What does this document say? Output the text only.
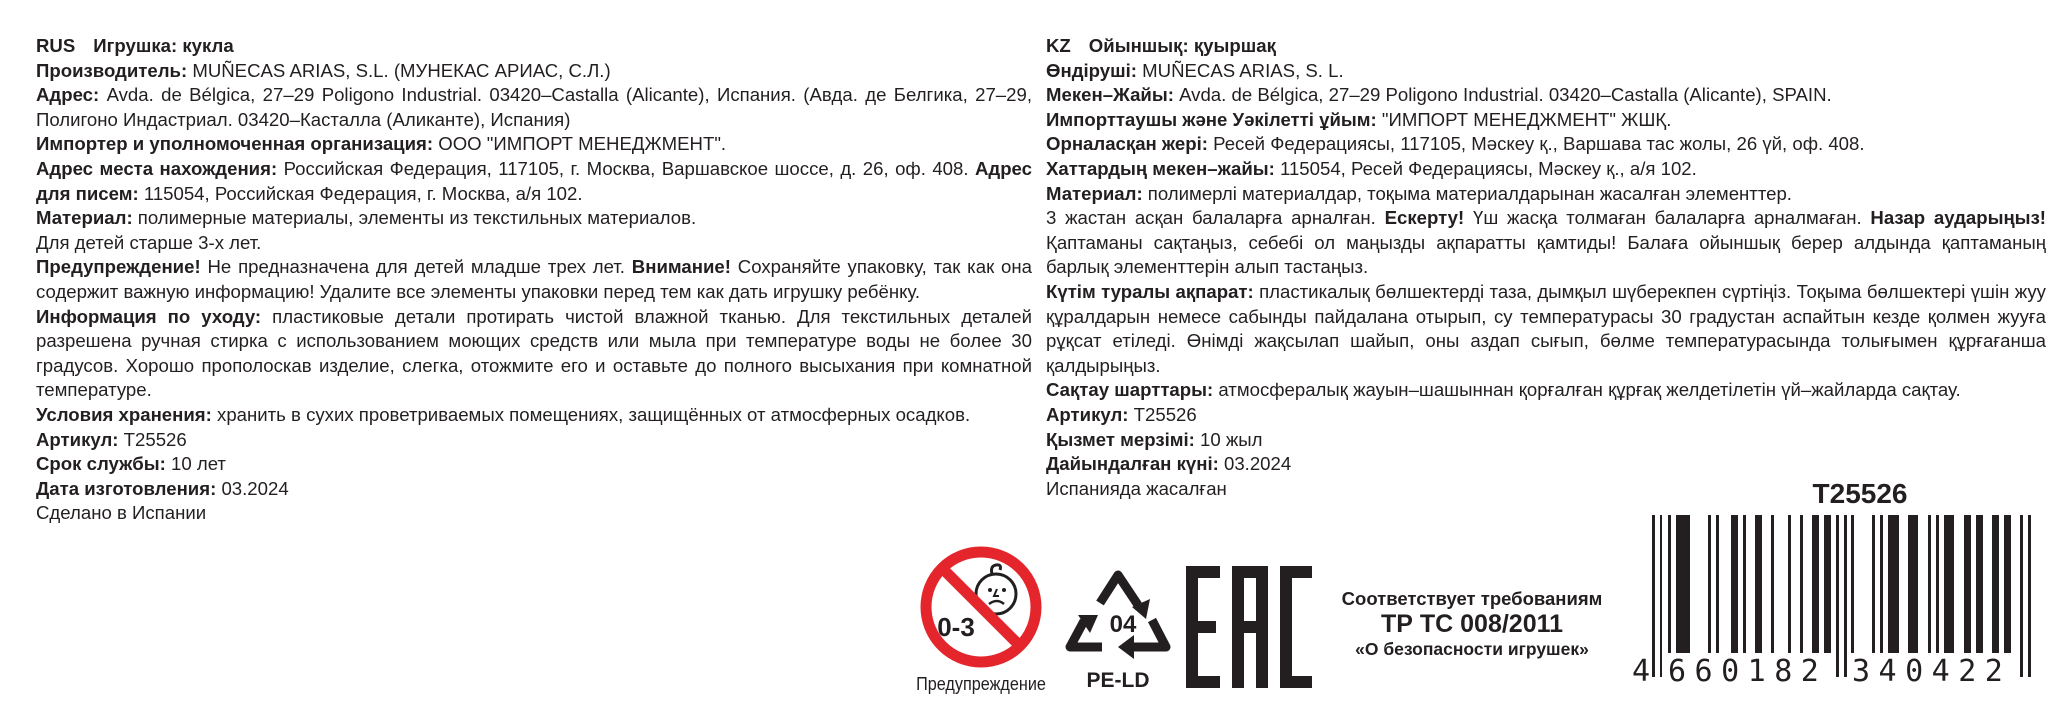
RUS Игрушка: кукла

Производитель: MUÑECAS ARIAS, S.L. (МУНЕКАС АРИАС, С.Л.)

Адрес: Avda. de Bélgica, 27–29 Poligono Industrial. 03420–Castalla (Alicante), Испания. (Авда. де Белгика, 27–29, Полигоно Индастриал. 03420–Касталла (Аликанте), Испания)

Импортер и уполномоченная организация: ООО "ИМПОРТ МЕНЕДЖМЕНТ".

Адрес места нахождения: Российская Федерация, 117105, г. Москва, Варшавское шоссе, д. 26, оф. 408. Адрес для писем: 115054, Российская Федерация, г. Москва, а/я 102.

Материал: полимерные материалы, элементы из текстильных материалов.

Для детей старше 3-х лет.

Предупреждение! Не предназначена для детей младше трех лет. Внимание! Сохраняйте упаковку, так как она содержит важную информацию! Удалите все элементы упаковки перед тем как дать игрушку ребёнку.

Информация по уходу: пластиковые детали протирать чистой влажной тканью. Для текстильных деталей разрешена ручная стирка с использованием моющих средств или мыла при температуре воды не более 30 градусов. Хорошо прополоскав изделие, слегка, отожмите его и оставьте до полного высыхания при комнатной температуре.

Условия хранения: хранить в сухих проветриваемых помещениях, защищённых от атмосферных осадков.

Артикул: T25526

Срок службы: 10 лет

Дата изготовления: 03.2024

Сделано в Испании

KZ Ойыншық: қуыршақ

Өндіруші: MUÑECAS ARIAS, S. L.

Мекен–Жайы: Avda. de Bélgica, 27–29 Poligono Industrial. 03420–Castalla (Alicante), SPAIN.

Импорттаушы және Уәкілетті ұйым: "ИМПОРТ МЕНЕДЖМЕНТ" ЖШҚ.

Орналасқан жері: Ресей Федерациясы, 117105, Мәскеу қ., Варшава тас жолы, 26 үй, оф. 408.

Хаттардың мекен–жайы: 115054, Ресей Федерациясы, Мәскеу қ., а/я 102.

Материал: полимерлі материалдар, тоқыма материалдарынан жасалған элементтер.

3 жастан асқан балаларға арналған. Ескерту! Үш жасқа толмаған балаларға арналмаған. Назар аударыңыз! Қаптаманы сақтаңыз, себебі ол маңызды ақпаратты қамтиды! Балаға ойыншық берер алдында қаптаманың барлық элементтерін алып тастаңыз.

Күтім туралы ақпарат: пластикалық бөлшектерді таза, дымқыл шүберекпен сүртіңіз. Тоқыма бөлшектері үшін жуу құралдарын немесе сабынды пайдалана отырып, су температурасы 30 градустан аспайтын кезде қолмен жууға рұқсат етіледі. Өнімді жақсылап шайып, оны аздап сығып, бөлме температурасында толығымен құрғағанша қалдырыңыз.

Сақтау шарттары: атмосфералық жауын–шашыннан қорғалған құрғақ желдетілетін үй–жайларда сақтау.

Артикул: T25526

Қызмет мерзімі: 10 жыл

Дайындалған күні: 03.2024

Испанияда жасалған

0-3
Предупреждение
04
PE-LD
Соответствует требованиям
ТР ТС 008/2011
«О безопасности игрушек»
T25526
4 660182 340422
